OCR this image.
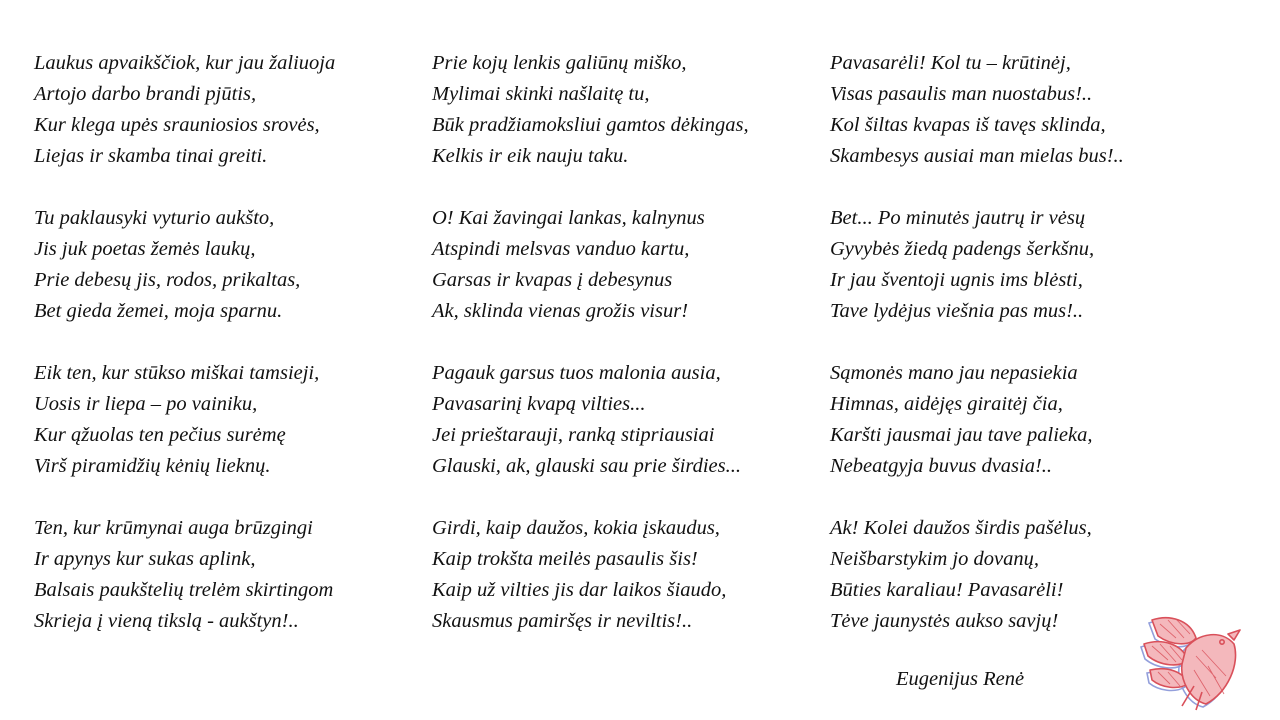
Laukus apvaikščiok, kur jau žaliuoja
Artojo darbo brandi pjūtis,
Kur klega upės srauniosios srovės,
Liejas ir skamba tinai greiti.
Tu paklausyki vyturio aukšto,
Jis juk poetas žemės laukų,
Prie debesų jis, rodos, prikaltas,
Bet gieda žemei, moja sparnu.
Eik ten, kur stūkso miškai tamsieji,
Uosis ir liepa – po vainiku,
Kur ąžuolas ten pečius surėmę
Virš piramidžių kėnių lieknų.
Ten, kur krūmynai auga brūzgingi
Ir apynys kur sukas aplink,
Balsais paukštelių trelėm skirtingom
Skrieja į vieną tikslą - aukštyn!..
Prie kojų lenkis galiūnų miško,
Mylimai skinki našlaitę tu,
Būk pradžiamoksliui gamtos dėkingas,
Kelkis ir eik nauju taku.
O! Kai žavingai lankas, kalnynus
Atspindi melsvas vanduo kartu,
Garsas ir kvapas į debesynus
Ak, sklinda vienas grožis visur!
Pagauk garsus tuos malonia ausia,
Pavasarinį kvapą vilties...
Jei prieštarauji, ranką stipriausiai
Glauski, ak, glauski sau prie širdies...
Girdi, kaip daužos, kokia įskaudus,
Kaip trokšta meilės pasaulis šis!
Kaip už vilties jis dar laikos šiaudo,
Skausmus pamiršęs ir neviltis!..
Pavasarėli! Kol tu – krūtinėj,
Visas pasaulis man nuostabus!..
Kol šiltas kvapas iš tavęs sklinda,
Skambesys ausiai man mielas bus!..
Bet... Po minutės jautrų ir vėsų
Gyvybės žiedą padengs šerkšnu,
Ir jau šventoji ugnis ims blėsti,
Tave lydėjus viešnia pas mus!..
Sąmonės mano jau nepasiekia
Himnas, aidėjęs giraitėj čia,
Karšti jausmai jau tave palieka,
Nebeatgyja buvus dvasia!..
Ak! Kolei daužos širdis pašėlus,
Neišbarstykim jo dovanų,
Būties karaliau! Pavasarėli!
Tėve jaunystės aukso savjų!
Eugenijus Renė
